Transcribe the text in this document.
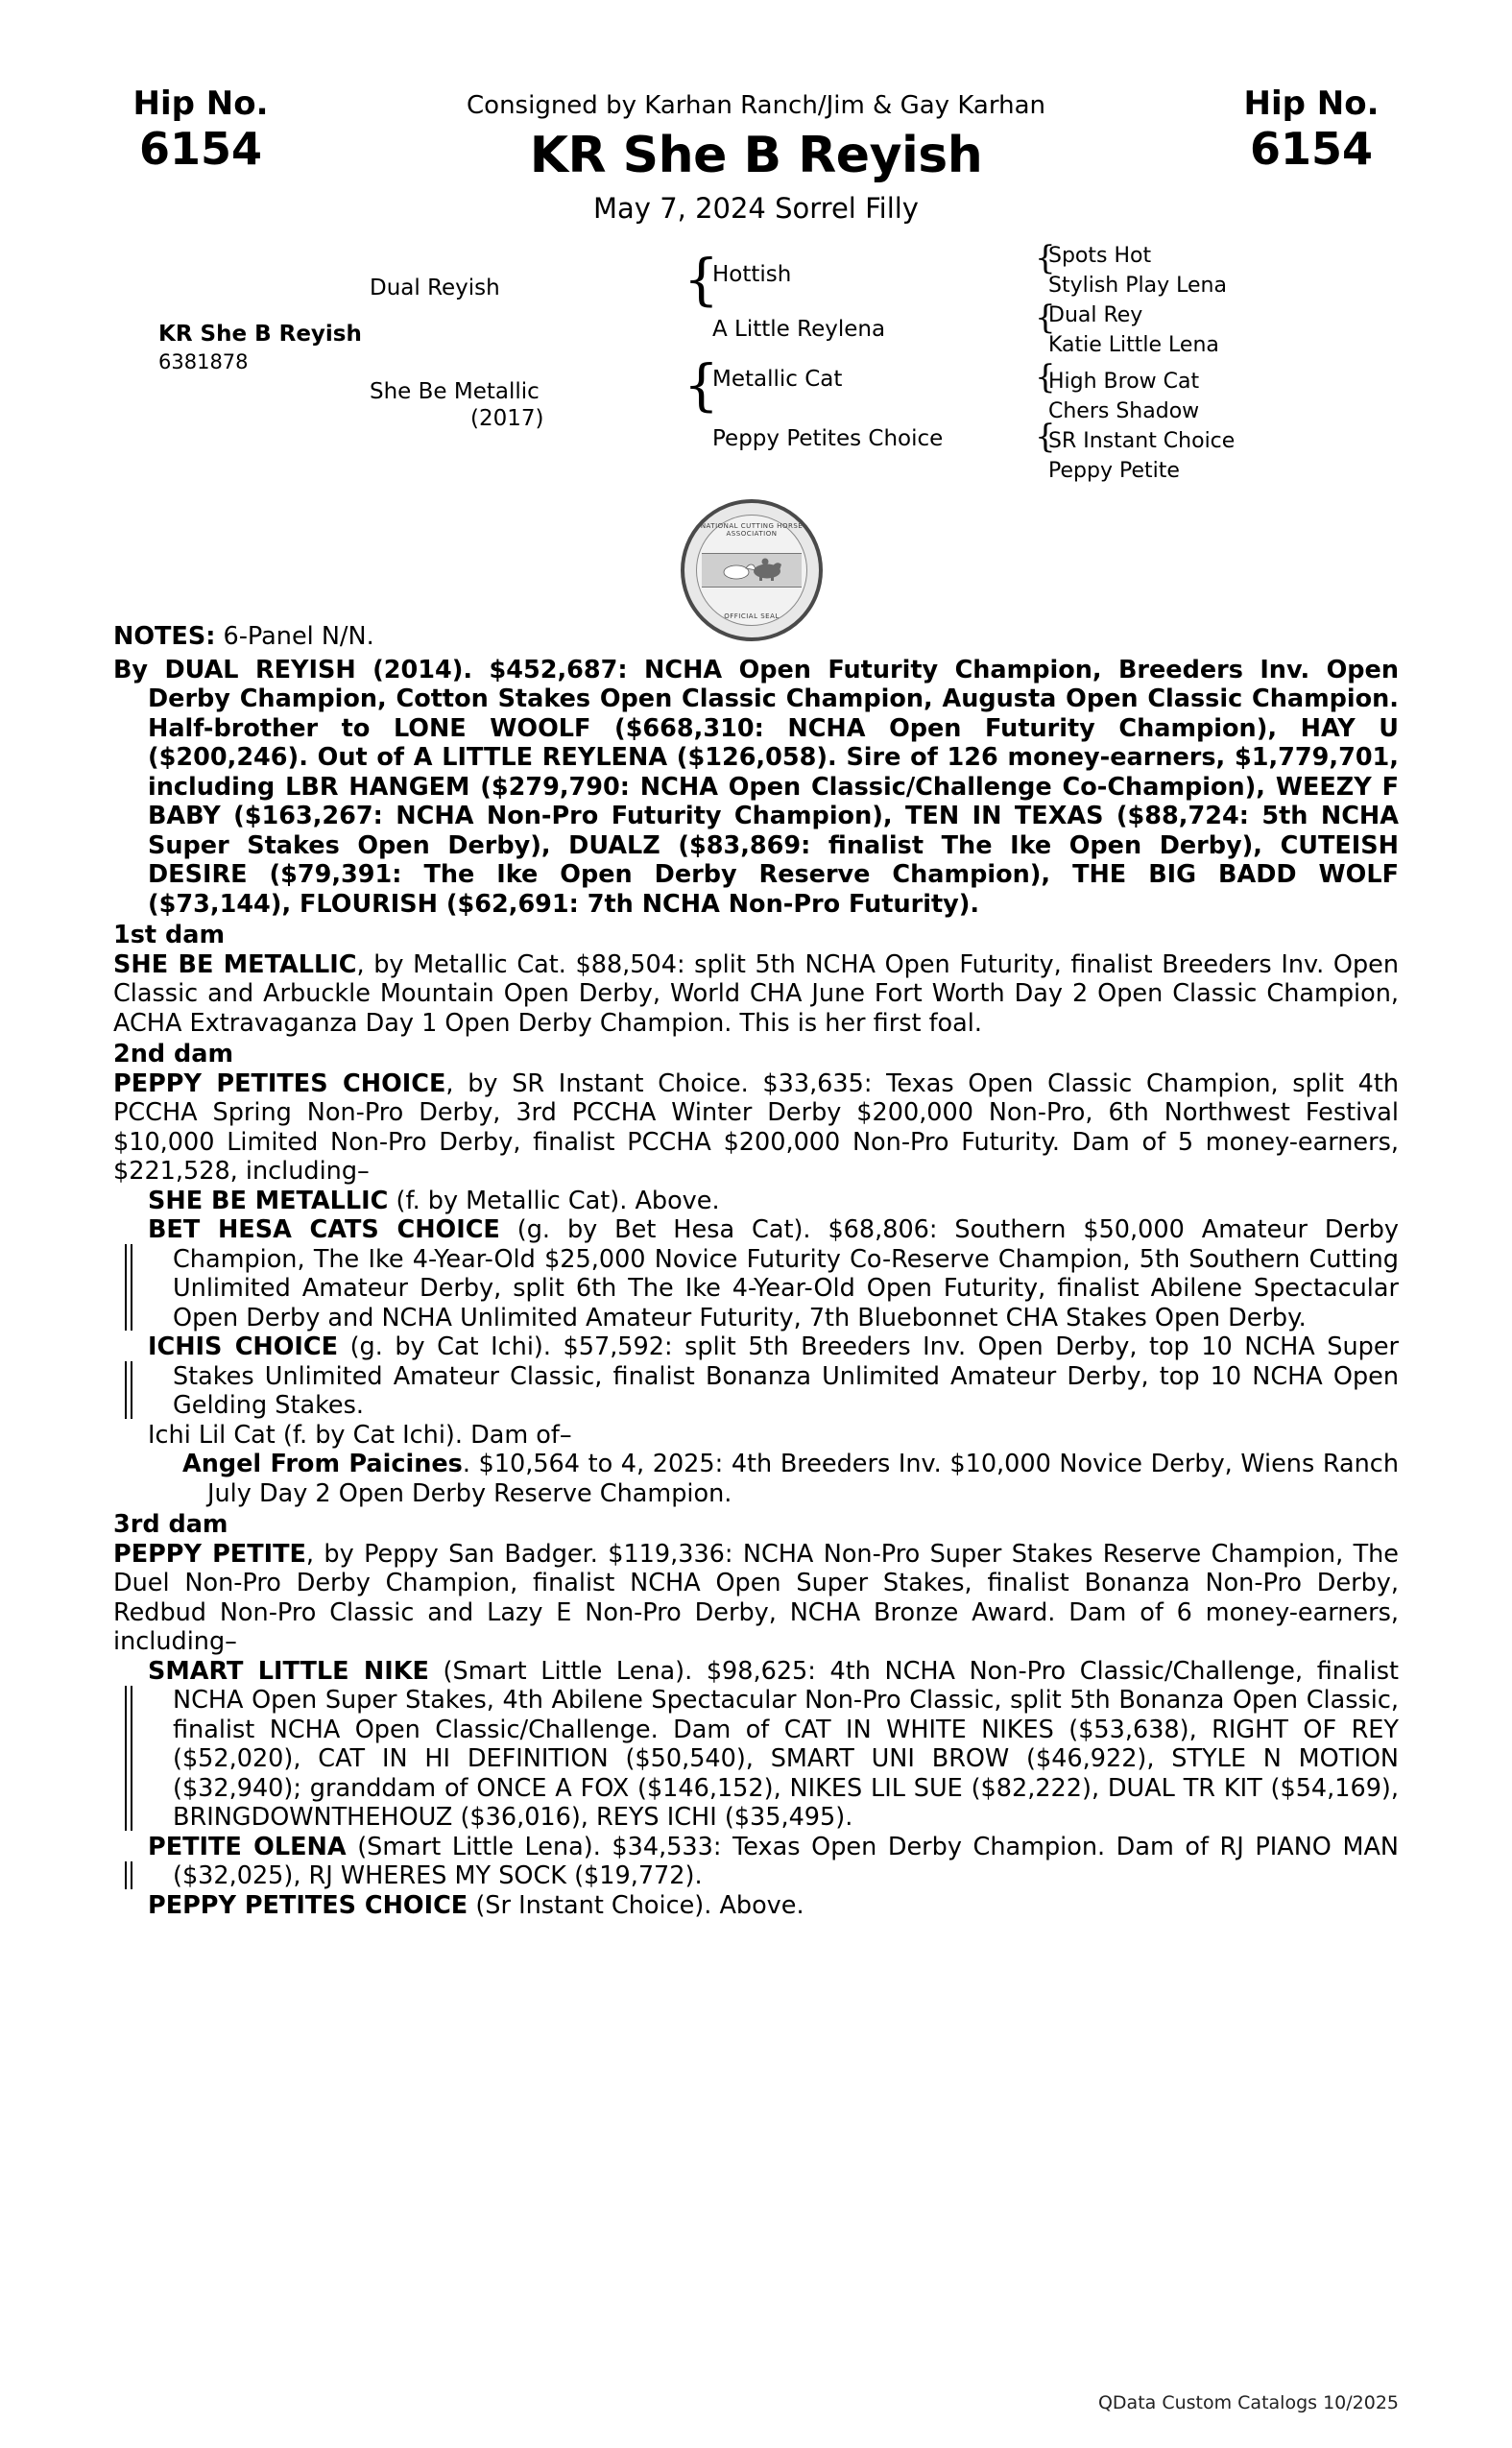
Hip No.
6154
Hip No.
6154
Consigned by Karhan Ranch/Jim & Gay Karhan
KR She B Reyish
May 7, 2024 Sorrel Filly
KR She B Reyish
6381878
Dual Reyish
She Be Metallic
(2017)
{
{
Hottish
A Little Reylena
Metallic Cat
Peppy Petites Choice
{
{
{
{
Spots Hot
Stylish Play Lena
Dual Rey
Katie Little Lena
High Brow Cat
Chers Shadow
SR Instant Choice
Peppy Petite
NATIONAL CUTTING HORSE ASSOCIATION
OFFICIAL SEAL

NOTES: 6-Panel N/N.

By DUAL REYISH (2014). $452,687: NCHA Open Futurity Champion, Breeders Inv. Open Derby Champion, Cotton Stakes Open Classic Champion, Augusta Open Classic Champion. Half-brother to LONE WOOLF ($668,310: NCHA Open Futurity Champion), HAY U ($200,246). Out of A LITTLE REYLENA ($126,058). Sire of 126 money-earners, $1,779,701, including LBR HANGEM ($279,790: NCHA Open Classic/Challenge Co-Champion), WEEZY F BABY ($163,267: NCHA Non-Pro Futurity Champion), TEN IN TEXAS ($88,724: 5th NCHA Super Stakes Open Derby), DUALZ ($83,869: finalist The Ike Open Derby), CUTEISH DESIRE ($79,391: The Ike Open Derby Reserve Champion), THE BIG BADD WOLF ($73,144), FLOURISH ($62,691: 7th NCHA Non-Pro Futurity).

1st dam

SHE BE METALLIC, by Metallic Cat. $88,504: split 5th NCHA Open Futurity, finalist Breeders Inv. Open Classic and Arbuckle Mountain Open Derby, World CHA June Fort Worth Day 2 Open Classic Champion, ACHA Extravaganza Day 1 Open Derby Champion. This is her first foal.

2nd dam

PEPPY PETITES CHOICE, by SR Instant Choice. $33,635: Texas Open Classic Champion, split 4th PCCHA Spring Non-Pro Derby, 3rd PCCHA Winter Derby $200,000 Non-Pro, 6th Northwest Festival $10,000 Limited Non-Pro Derby, finalist PCCHA $200,000 Non-Pro Futurity. Dam of 5 money-earners, $221,528, including–

SHE BE METALLIC (f. by Metallic Cat). Above.

BET HESA CATS CHOICE (g. by Bet Hesa Cat). $68,806: Southern $50,000 Amateur Derby Champion, The Ike 4-Year-Old $25,000 Novice Futurity Co-Reserve Champion, 5th Southern Cutting Unlimited Amateur Derby, split 6th The Ike 4-Year-Old Open Futurity, finalist Abilene Spectacular Open Derby and NCHA Unlimited Amateur Futurity, 7th Bluebonnet CHA Stakes Open Derby.

ICHIS CHOICE (g. by Cat Ichi). $57,592: split 5th Breeders Inv. Open Derby, top 10 NCHA Super Stakes Unlimited Amateur Classic, finalist Bonanza Unlimited Amateur Derby, top 10 NCHA Open Gelding Stakes.

Ichi Lil Cat (f. by Cat Ichi). Dam of–

Angel From Paicines. $10,564 to 4, 2025: 4th Breeders Inv. $10,000 Novice Derby, Wiens Ranch July Day 2 Open Derby Reserve Champion.

3rd dam

PEPPY PETITE, by Peppy San Badger. $119,336: NCHA Non-Pro Super Stakes Reserve Champion, The Duel Non-Pro Derby Champion, finalist NCHA Open Super Stakes, finalist Bonanza Non-Pro Derby, Redbud Non-Pro Classic and Lazy E Non-Pro Derby, NCHA Bronze Award. Dam of 6 money-earners, including–

SMART LITTLE NIKE (Smart Little Lena). $98,625: 4th NCHA Non-Pro Classic/Challenge, finalist NCHA Open Super Stakes, 4th Abilene Spectacular Non-Pro Classic, split 5th Bonanza Open Classic, finalist NCHA Open Classic/Challenge. Dam of CAT IN WHITE NIKES ($53,638), RIGHT OF REY ($52,020), CAT IN HI DEFINITION ($50,540), SMART UNI BROW ($46,922), STYLE N MOTION ($32,940); granddam of ONCE A FOX ($146,152), NIKES LIL SUE ($82,222), DUAL TR KIT ($54,169), BRINGDOWNTHEHOUZ ($36,016), REYS ICHI ($35,495).

PETITE OLENA (Smart Little Lena). $34,533: Texas Open Derby Champion. Dam of RJ PIANO MAN ($32,025), RJ WHERES MY SOCK ($19,772).

PEPPY PETITES CHOICE (Sr Instant Choice). Above.

QData Custom Catalogs 10/2025
